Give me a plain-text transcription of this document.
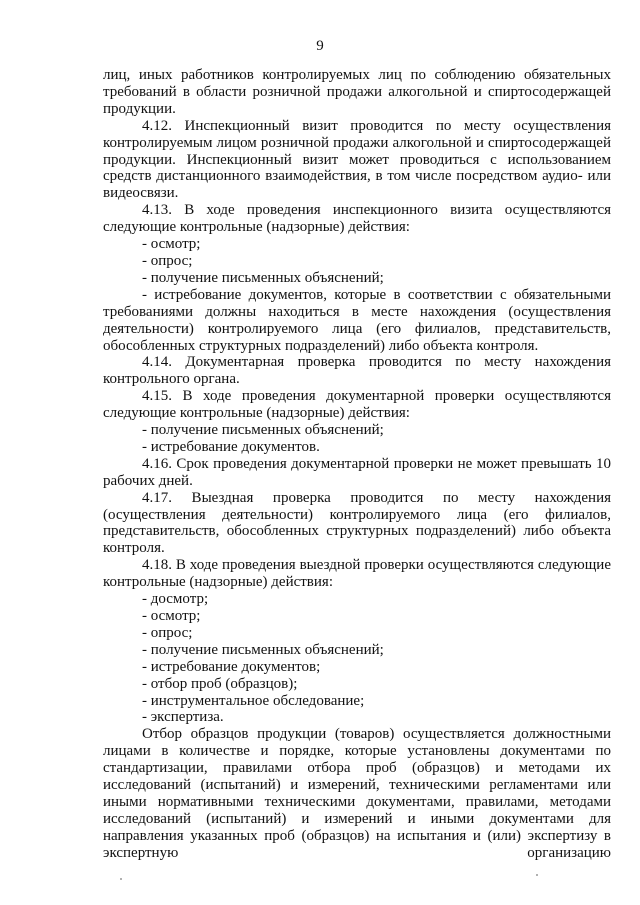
9

лиц, иных работников контролируемых лиц по соблюдению обязательных требований в области розничной продажи алкогольной и спиртосодержащей продукции.

4.12. Инспекционный визит проводится по месту осуществления контролируемым лицом розничной продажи алкогольной и спиртосодержащей продукции. Инспекционный визит может проводиться с использованием средств дистанционного взаимодействия, в том числе посредством аудио- или видеосвязи.

4.13. В ходе проведения инспекционного визита осуществляются следующие контрольные (надзорные) действия:

- осмотр;

- опрос;

- получение письменных объяснений;

- истребование документов, которые в соответствии с обязательными требованиями должны находиться в месте нахождения (осуществления деятельности) контролируемого лица (его филиалов, представительств, обособленных структурных подразделений) либо объекта контроля.

4.14. Документарная проверка проводится по месту нахождения контрольного органа.

4.15. В ходе проведения документарной проверки осуществляются следующие контрольные (надзорные) действия:

- получение письменных объяснений;

- истребование документов.

4.16. Срок проведения документарной проверки не может превышать 10 рабочих дней.

4.17. Выездная проверка проводится по месту нахождения (осуществления деятельности) контролируемого лица (его филиалов, представительств, обособленных структурных подразделений) либо объекта контроля.

4.18. В ходе проведения выездной проверки осуществляются следующие контрольные (надзорные) действия:

- досмотр;

- осмотр;

- опрос;

- получение письменных объяснений;

- истребование документов;

- отбор проб (образцов);

- инструментальное обследование;

- экспертиза.

Отбор образцов продукции (товаров) осуществляется должностными лицами в количестве и порядке, которые установлены документами по стандартизации, правилами отбора проб (образцов) и методами их исследований (испытаний) и измерений, техническими регламентами или иными нормативными техническими документами, правилами, методами исследований (испытаний) и измерений и иными документами для направления указанных проб (образцов) на испытания и (или) экспертизу в экспертную организацию
